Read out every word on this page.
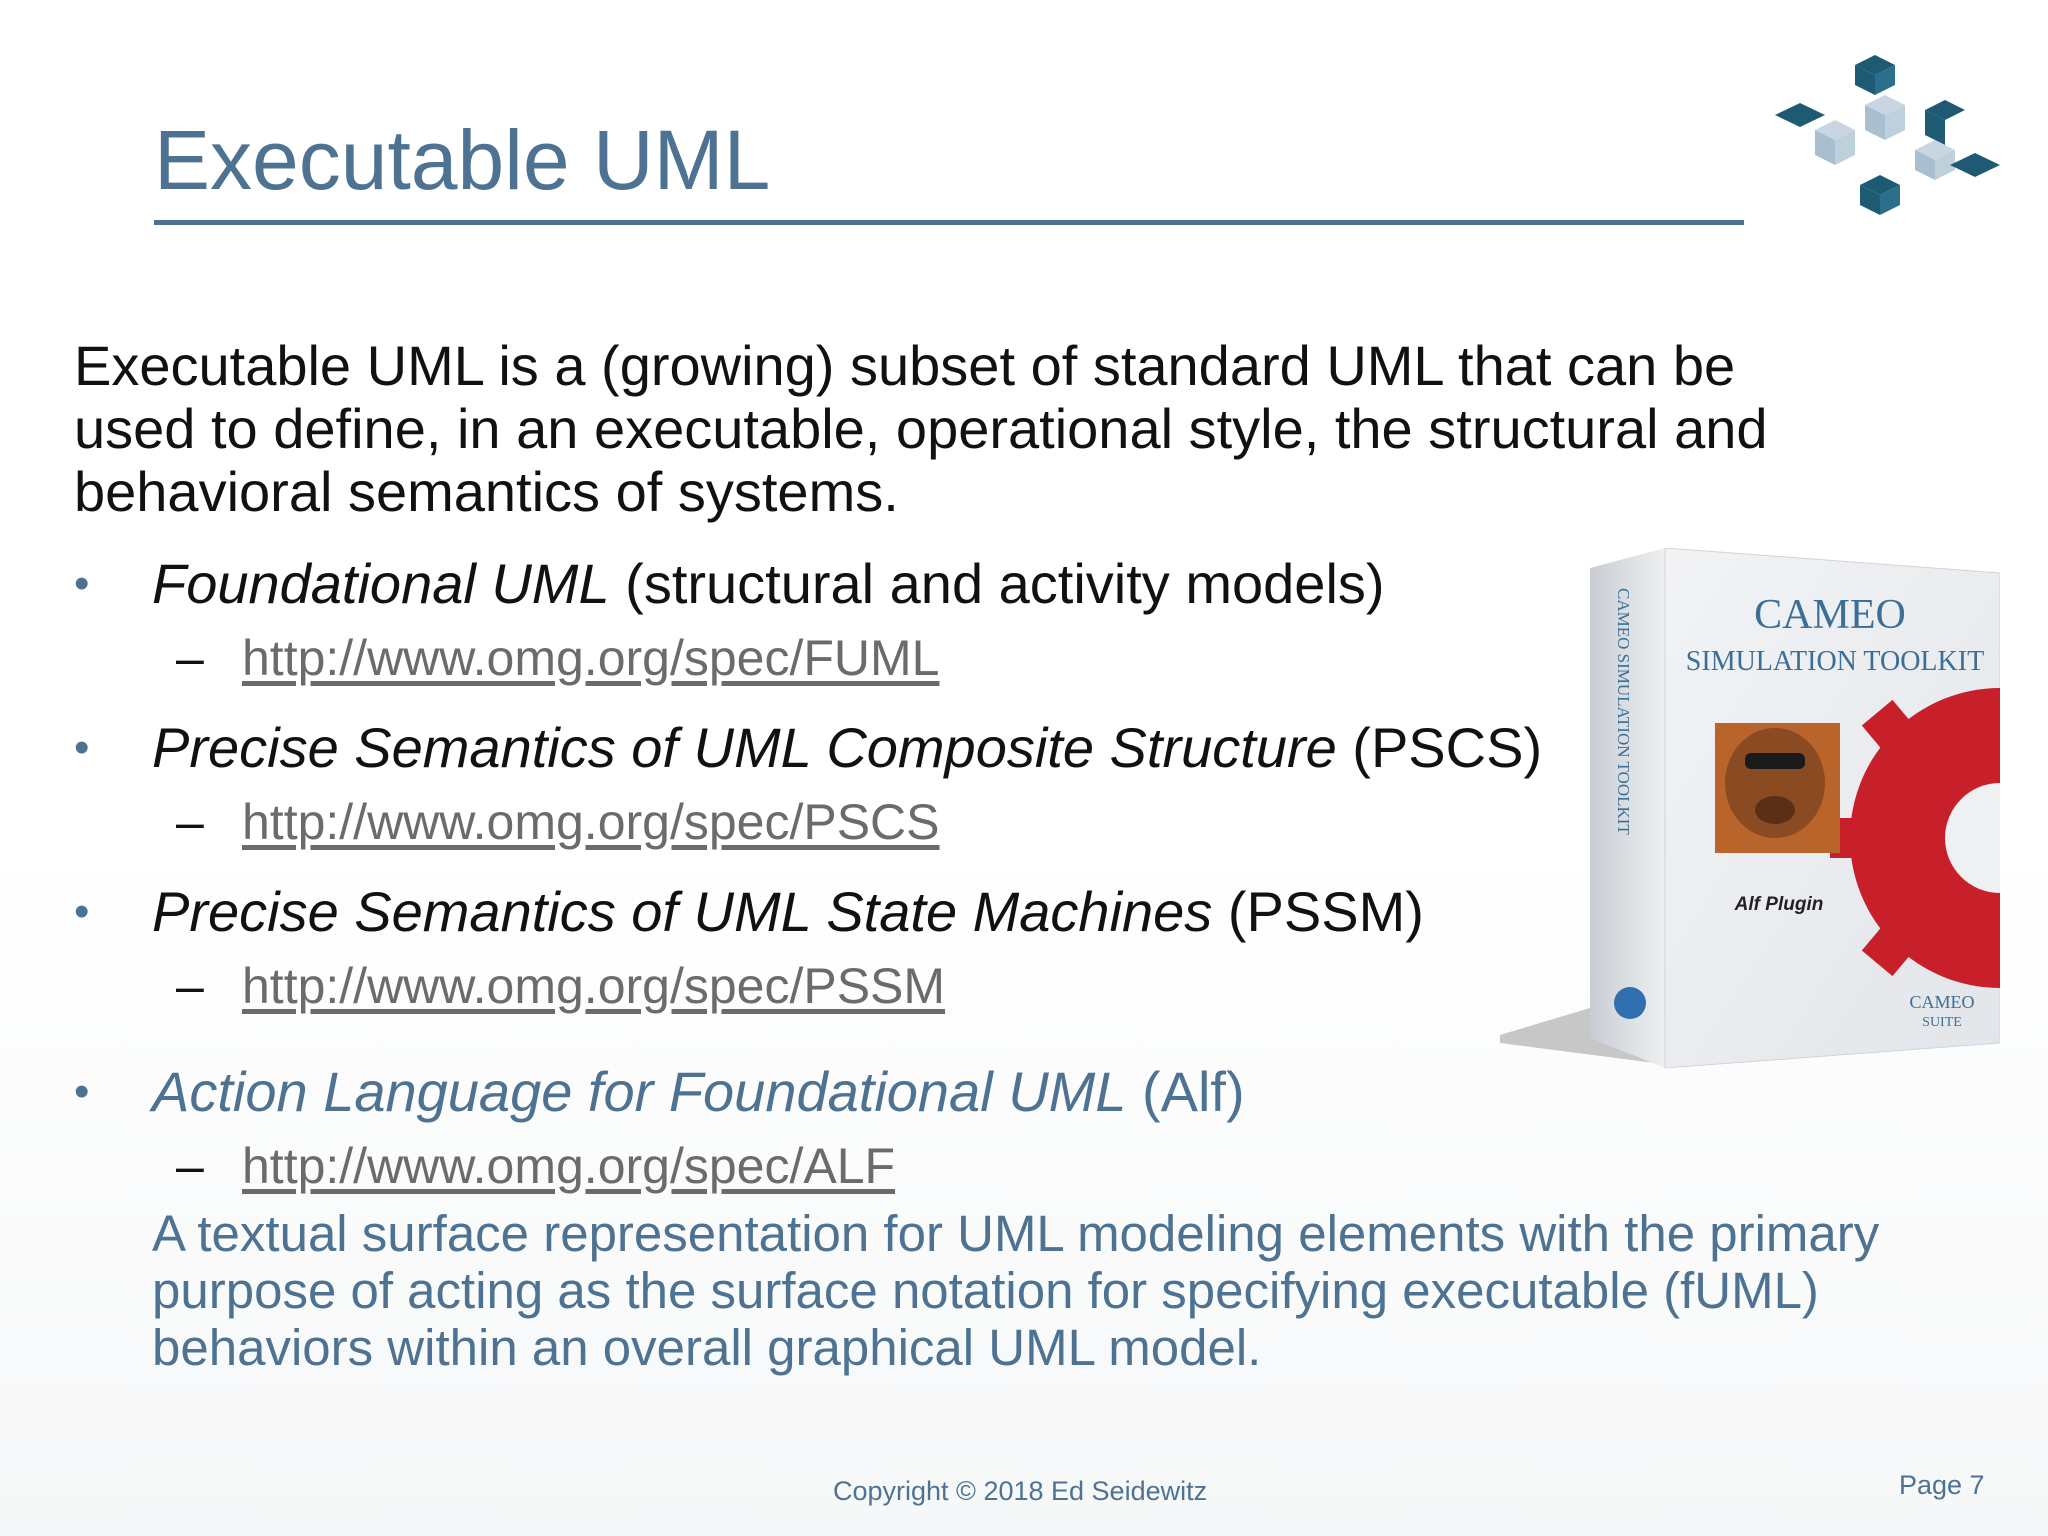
Executable UML
Executable UML is a (growing) subset of standard UML that can be used to define, in an executable, operational style, the structural and behavioral semantics of systems.
• Foundational UML (structural and activity models)
– http://www.omg.org/spec/FUML
• Precise Semantics of UML Composite Structure (PSCS)
– http://www.omg.org/spec/PSCS
• Precise Semantics of UML State Machines (PSSM)
– http://www.omg.org/spec/PSSM
• Action Language for Foundational UML (Alf)
– http://www.omg.org/spec/ALF
A textual surface representation for UML modeling elements with the primary purpose of acting as the surface notation for specifying executable (fUML) behaviors within an overall graphical UML model.
CAMEO
SIMULATION TOOLKIT
Alf Plugin
CAMEO SIMULATION TOOLKIT
CAMEO
SUITE
Copyright © 2018 Ed Seidewitz	Page 7
